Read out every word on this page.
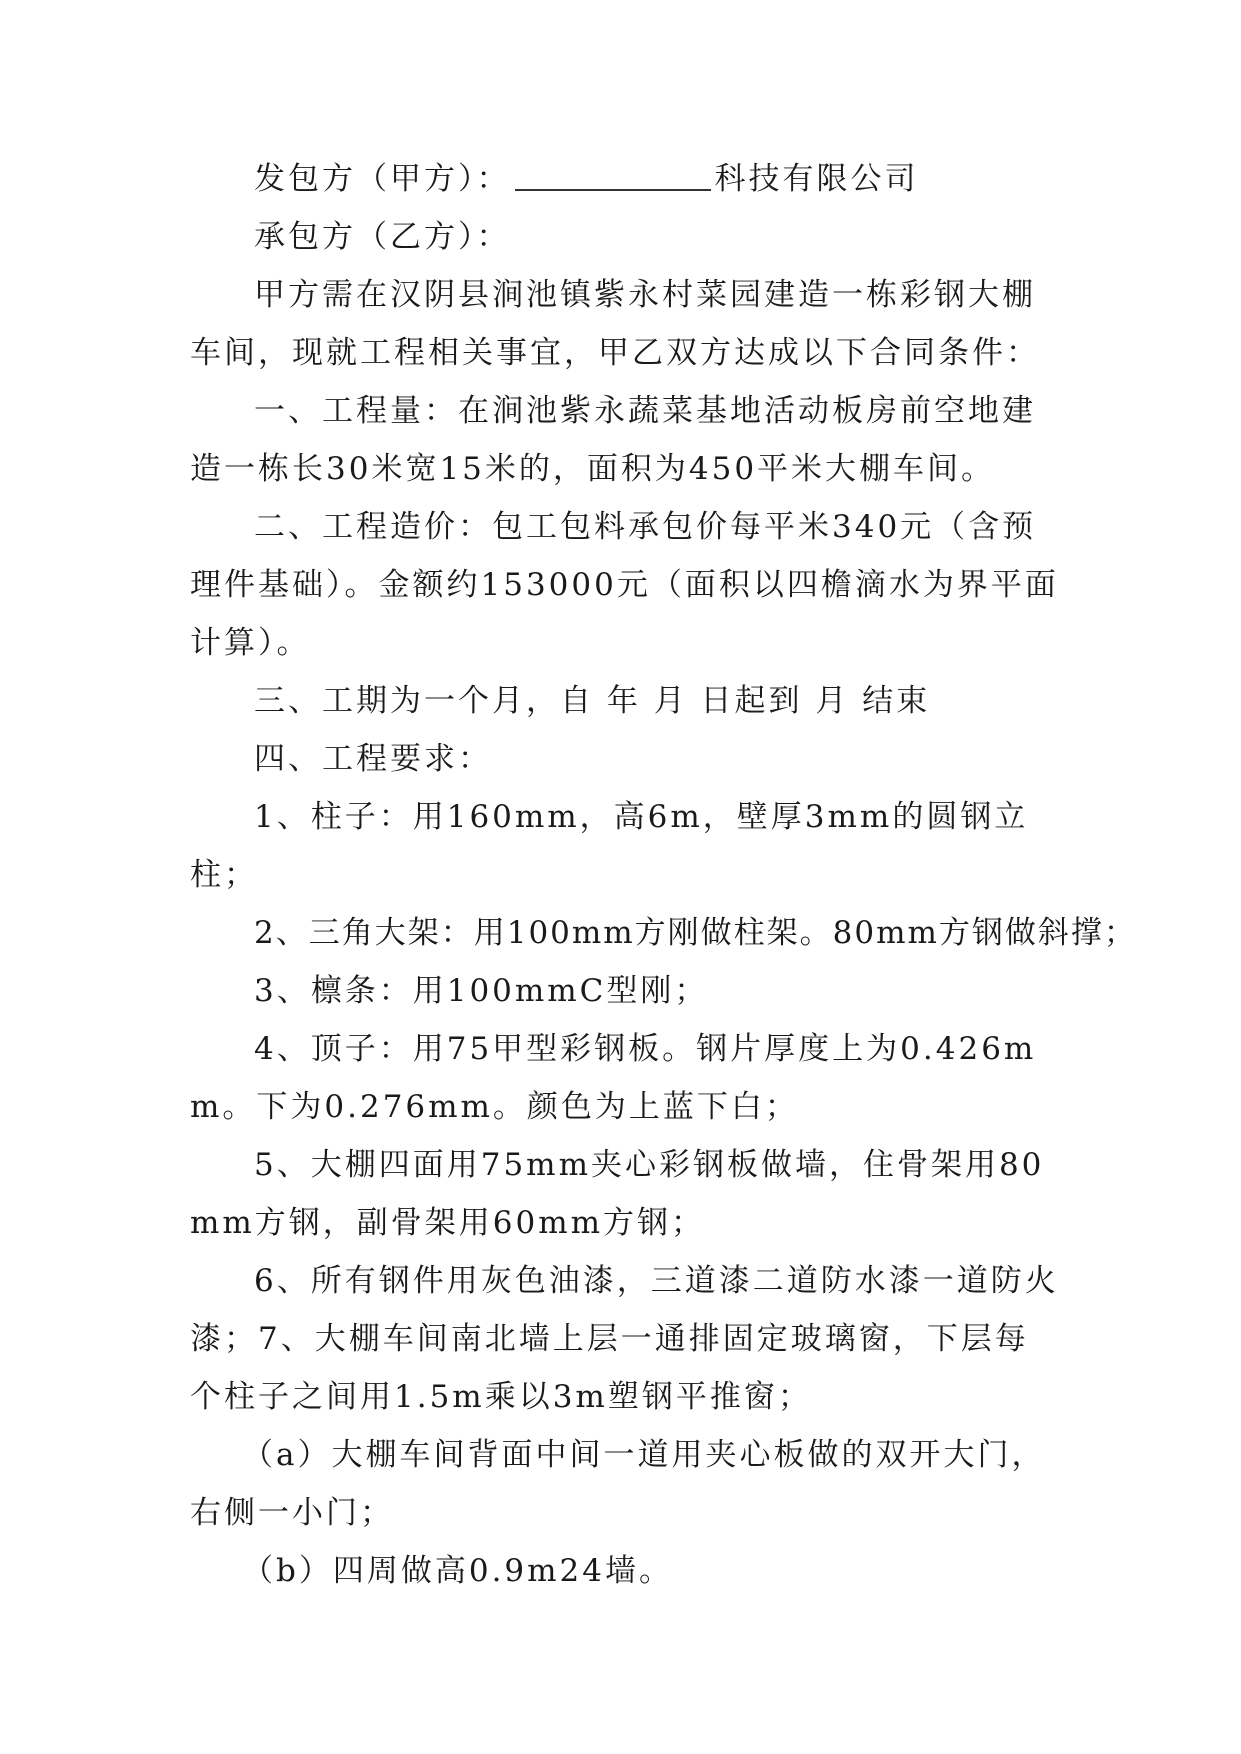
发包方（甲方）：	科技有限公司

承包方（乙方）：

甲方需在汉阴县涧池镇紫永村菜园建造一栋彩钢大棚车间，现就工程相关事宜，甲乙双方达成以下合同条件：

一、工程量：在涧池紫永蔬菜基地活动板房前空地建造一栋长30米宽15米的，面积为450平米大棚车间。

二、工程造价：包工包料承包价每平米340元（含预理件基础）。金额约153000元（面积以四檐滴水为界平面计算）。

三、工期为一个月，自 年 月 日起到 月 结束

四、工程要求：

1、柱子：用160mm，高6m，壁厚3mm的圆钢立柱；

2、三角大架：用100mm方刚做柱架。80mm方钢做斜撑；

3、檩条：用100mmC型刚；

4、顶子：用75甲型彩钢板。钢片厚度上为0.426mm。下为0.276mm。颜色为上蓝下白；

5、大棚四面用75mm夹心彩钢板做墙，住骨架用80mm方钢，副骨架用60mm方钢；

6、所有钢件用灰色油漆，三道漆二道防水漆一道防火漆；7、大棚车间南北墙上层一通排固定玻璃窗，下层每个柱子之间用1.5m乘以3m塑钢平推窗；

（a）大棚车间背面中间一道用夹心板做的双开大门，右侧一小门；

（b）四周做高0.9m24墙。
